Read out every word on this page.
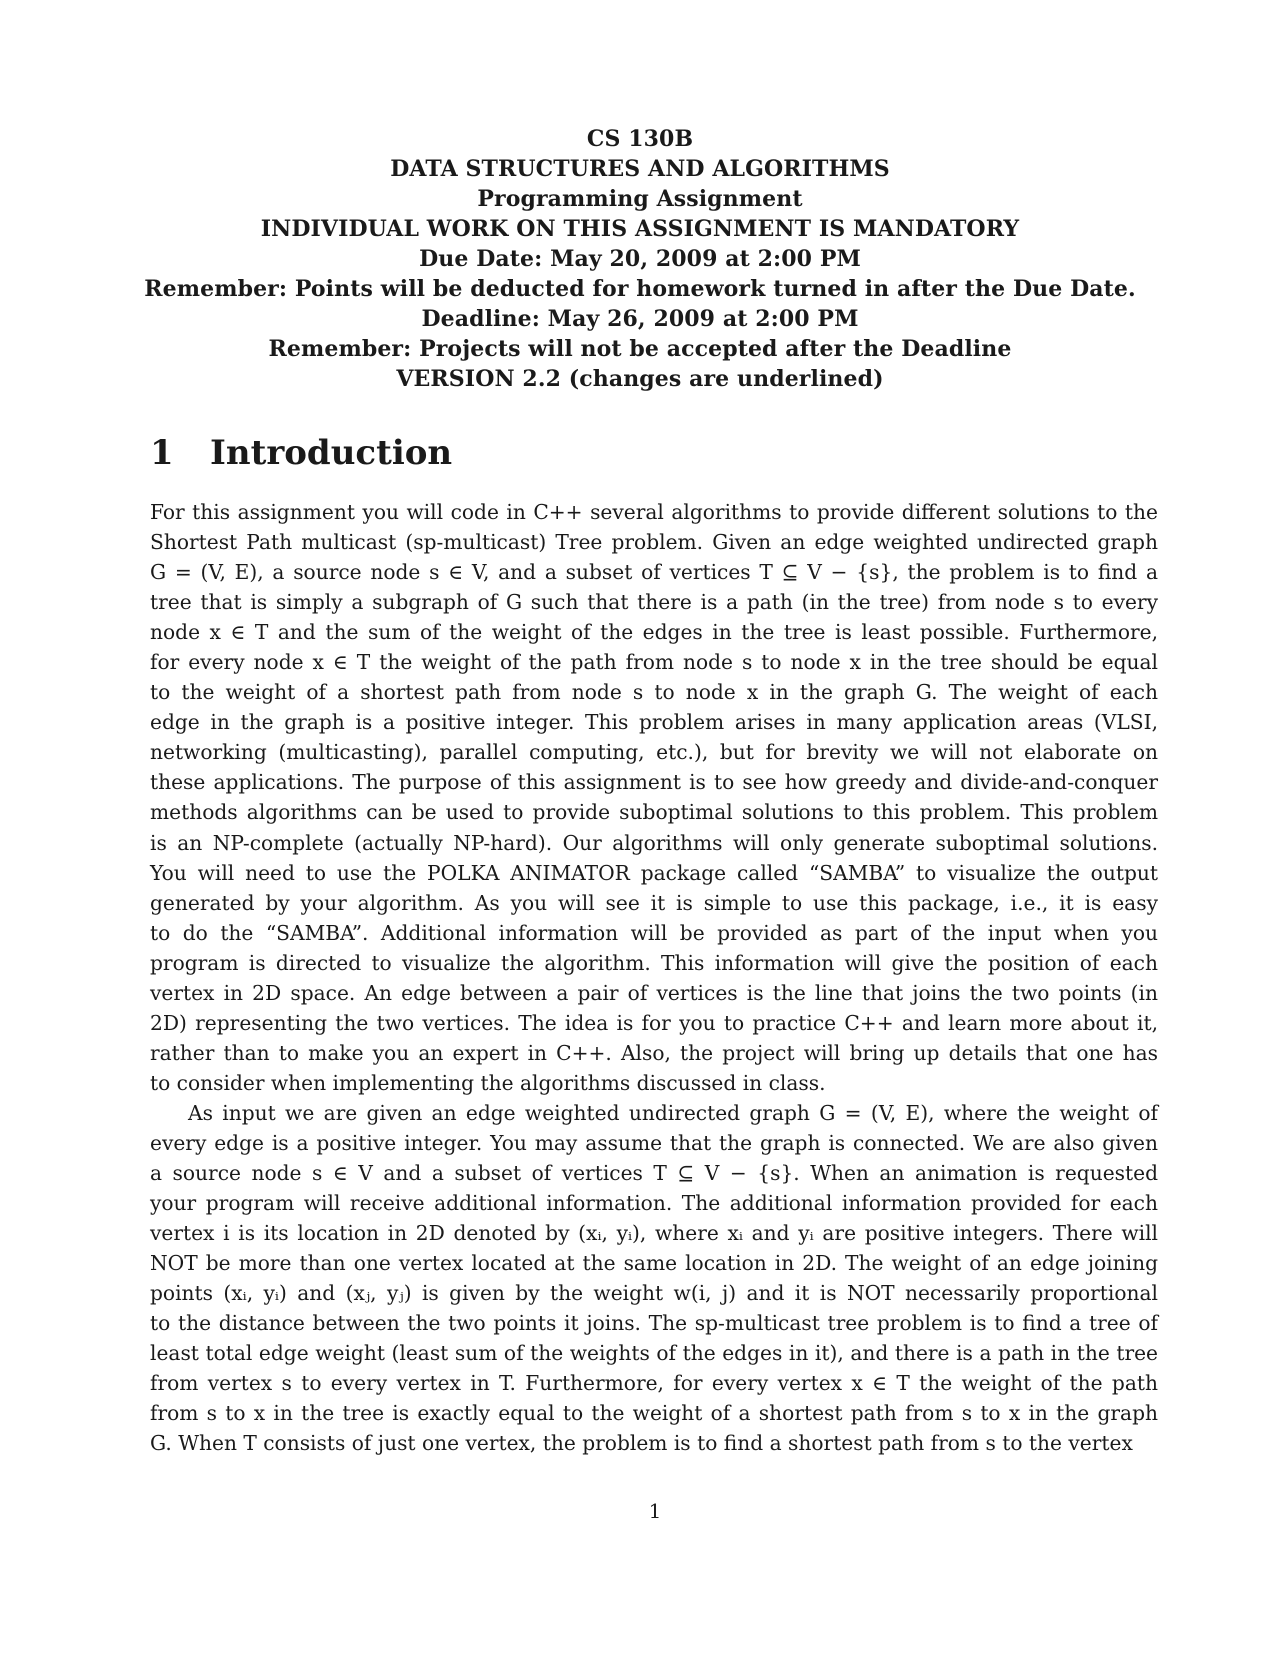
CS 130B
DATA STRUCTURES AND ALGORITHMS
Programming Assignment
INDIVIDUAL WORK ON THIS ASSIGNMENT IS MANDATORY
Due Date: May 20, 2009 at 2:00 PM
Remember: Points will be deducted for homework turned in after the Due Date.
Deadline: May 26, 2009 at 2:00 PM
Remember: Projects will not be accepted after the Deadline
VERSION 2.2 (changes are underlined)
1 Introduction
For this assignment you will code in C++ several algorithms to provide different solutions to the
Shortest Path multicast (sp-multicast) Tree problem. Given an edge weighted undirected graph
G = (V, E), a source node s ∈ V, and a subset of vertices T ⊆ V − {s}, the problem is to find a
tree that is simply a subgraph of G such that there is a path (in the tree) from node s to every
node x ∈ T and the sum of the weight of the edges in the tree is least possible. Furthermore,
for every node x ∈ T the weight of the path from node s to node x in the tree should be equal
to the weight of a shortest path from node s to node x in the graph G. The weight of each
edge in the graph is a positive integer. This problem arises in many application areas (VLSI,
networking (multicasting), parallel computing, etc.), but for brevity we will not elaborate on
these applications. The purpose of this assignment is to see how greedy and divide-and-conquer
methods algorithms can be used to provide suboptimal solutions to this problem. This problem
is an NP-complete (actually NP-hard). Our algorithms will only generate suboptimal solutions.
You will need to use the POLKA ANIMATOR package called “SAMBA” to visualize the output
generated by your algorithm. As you will see it is simple to use this package, i.e., it is easy
to do the “SAMBA”. Additional information will be provided as part of the input when you
program is directed to visualize the algorithm. This information will give the position of each
vertex in 2D space. An edge between a pair of vertices is the line that joins the two points (in
2D) representing the two vertices. The idea is for you to practice C++ and learn more about it,
rather than to make you an expert in C++. Also, the project will bring up details that one has
to consider when implementing the algorithms discussed in class.
As input we are given an edge weighted undirected graph G = (V, E), where the weight of
every edge is a positive integer. You may assume that the graph is connected. We are also given
a source node s ∈ V and a subset of vertices T ⊆ V − {s}. When an animation is requested
your program will receive additional information. The additional information provided for each
vertex i is its location in 2D denoted by (xᵢ, yᵢ), where xᵢ and yᵢ are positive integers. There will
NOT be more than one vertex located at the same location in 2D. The weight of an edge joining
points (xᵢ, yᵢ) and (xⱼ, yⱼ) is given by the weight w(i, j) and it is NOT necessarily proportional
to the distance between the two points it joins. The sp-multicast tree problem is to find a tree of
least total edge weight (least sum of the weights of the edges in it), and there is a path in the tree
from vertex s to every vertex in T. Furthermore, for every vertex x ∈ T the weight of the path
from s to x in the tree is exactly equal to the weight of a shortest path from s to x in the graph
G. When T consists of just one vertex, the problem is to find a shortest path from s to the vertex
1
